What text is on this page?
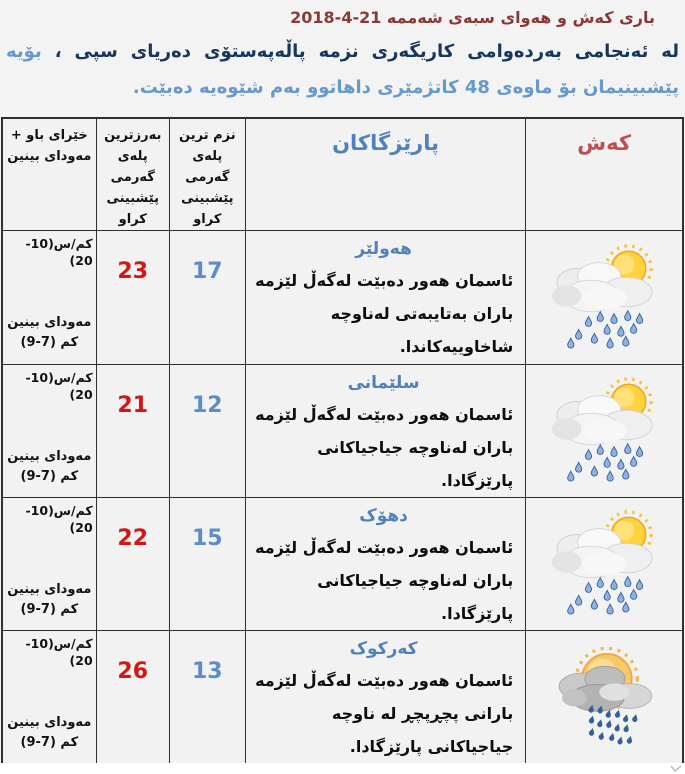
باری کەش و هەوای سبەی شەممە 21-4-2018
لە ئەنجامی بەردەوامی کاریگەری نزمە پاڵەپەستۆی دەریای سپی ، بۆیە
پێشبینیمان بۆ ماوەی 48 کاتژمێری داهاتوو بەم شێوەیە دەبێت.
کەش	پارێزگاکان	نزم ترین پلەی گەرمی پێشبینی کراو	بەرزترین پلەی گەرمی پێشبینی کراو	خێرای باو + مەودای بینین

هەولێر
ئاسمان هەور دەبێت لەگەڵ لێزمە باران بەتایبەتی لەناوچە شاخاوییەکاندا.
	17	23	
کم/س(10-20)
مەودای بینین
کم (7-9)

سلێمانی
ئاسمان هەور دەبێت لەگەڵ لێزمە باران لەناوچە جیاجیاکانی پارێزگادا.
	12	21	
کم/س(10-20)
مەودای بینین
کم (7-9)

دهۆک
ئاسمان هەور دەبێت لەگەڵ لێزمە باران لەناوچە جیاجیاکانی پارێزگادا.
	15	22	
کم/س(10-20)
مەودای بینین
کم (7-9)

کەرکوک
ئاسمان هەور دەبێت لەگەڵ لێزمە بارانی پچڕپچڕ لە ناوچە جیاجیاکانی پارێزگادا.
	13	26	
کم/س(10-20)
مەودای بینین
کم (7-9)
